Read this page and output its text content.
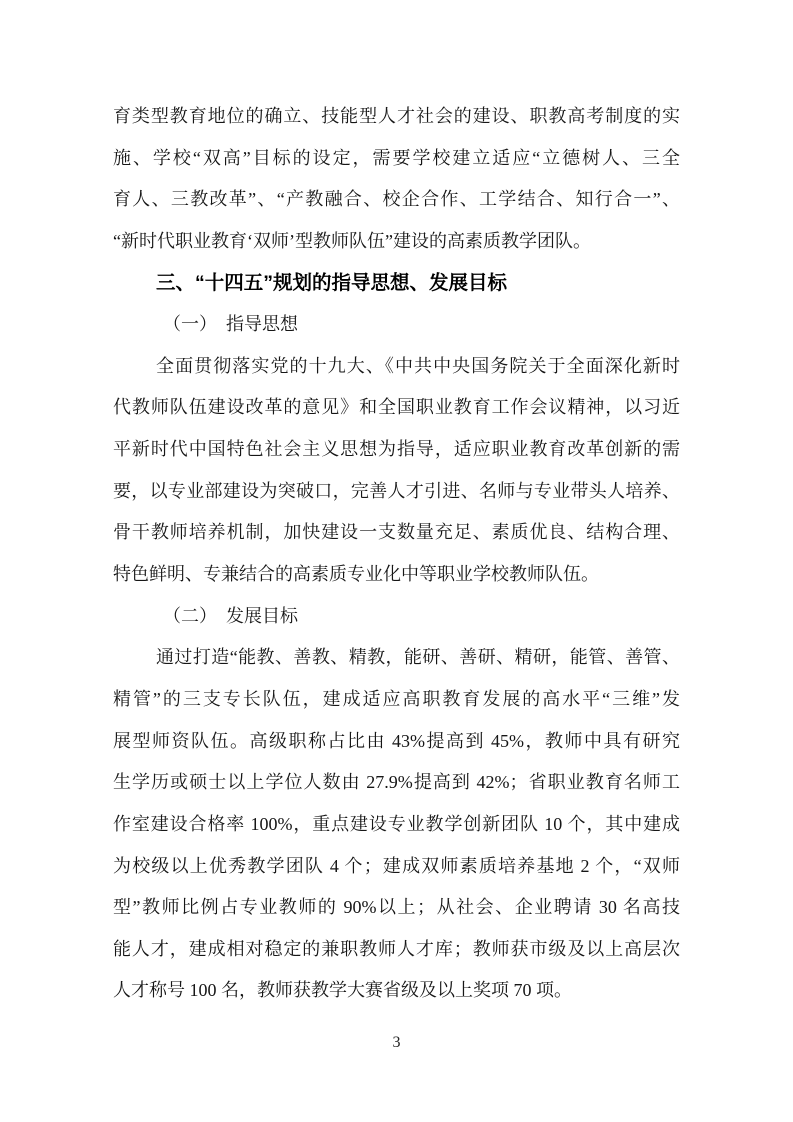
育类型教育地位的确立、技能型人才社会的建设、职教高考制度的实
施、学校“双高”目标的设定，需要学校建立适应“立德树人、三全
育人、三教改革”、“产教融合、校企合作、工学结合、知行合一”、
“新时代职业教育‘双师’型教师队伍”建设的高素质教学团队。
三、“十四五”规划的指导思想、发展目标
（一）　指导思想
全面贯彻落实党的十九大、《中共中央国务院关于全面深化新时
代教师队伍建设改革的意见》和全国职业教育工作会议精神，以习近
平新时代中国特色社会主义思想为指导，适应职业教育改革创新的需
要，以专业部建设为突破口，完善人才引进、名师与专业带头人培养、
骨干教师培养机制，加快建设一支数量充足、素质优良、结构合理、
特色鲜明、专兼结合的高素质专业化中等职业学校教师队伍。
（二）　发展目标
通过打造“能教、善教、精教，能研、善研、精研，能管、善管、
精管”的三支专长队伍，建成适应高职教育发展的高水平“三维”发
展型师资队伍。高级职称占比由 43%提高到 45%，教师中具有研究
生学历或硕士以上学位人数由 27.9%提高到 42%；省职业教育名师工
作室建设合格率 100%，重点建设专业教学创新团队 10 个，其中建成
为校级以上优秀教学团队 4 个；建成双师素质培养基地 2 个，“双师
型”教师比例占专业教师的 90%以上；从社会、企业聘请 30 名高技
能人才，建成相对稳定的兼职教师人才库；教师获市级及以上高层次
人才称号 100 名，教师获教学大赛省级及以上奖项 70 项。
3
